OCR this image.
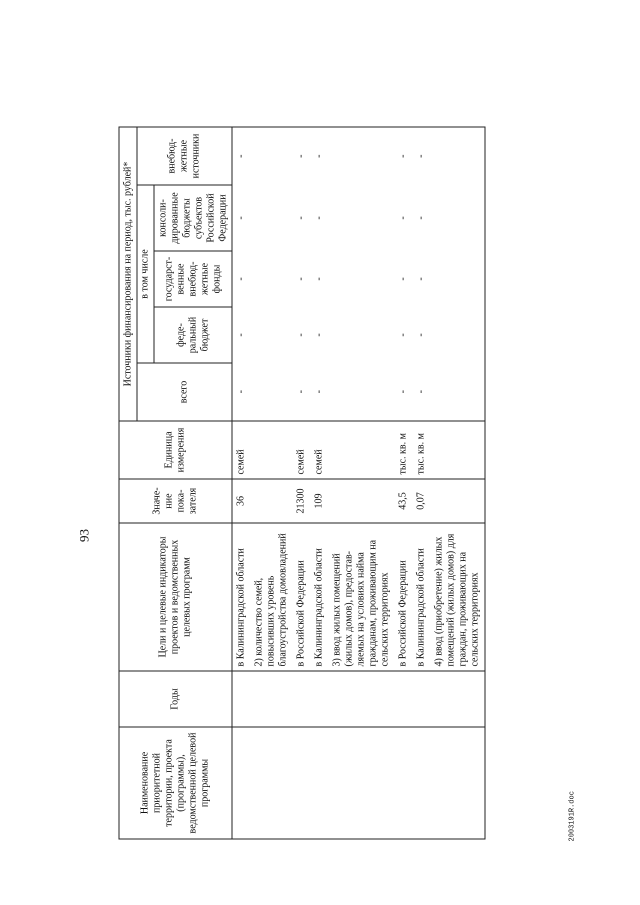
93
Наименование приоритетной территории, проекта (программы), ведомственной целевой программы	Годы	Цели и целевые индикаторы проектов и ведомственных целевых программ	Значе-ние пока-зателя	Единица измерения	Источники финансирования на период, тыс. рублей*				
					всего	в том числе			внебюд-жетные источники
						феде-ральный бюджет	государст-венные внебюд-жетные фонды	консоли-дированные бюджеты субъектов Российской Федерации	
		в Калининградской области	36	семей	-	-	-	-	-
		2) количество семей, повысивших уровень благоустройства домовладений							
		в Российской Федерации	21300	семей	-	-	-	-	-
		в Калининградской области	109	семей	-	-	-	-	-
		3) ввод жилых помещений (жилых домов), предостав-ляемых на условиях найма гражданам, проживающим на сельских территориях							
		в Российской Федерации	43,5	тыс. кв. м	-	-	-	-	-
		в Калининградской области	0,07	тыс. кв. м	-	-	-	-	-
		4) ввод (приобретение) жилых помещений (жилых домов) для граждан, проживающих на сельских территориях							
2003191R.doc
